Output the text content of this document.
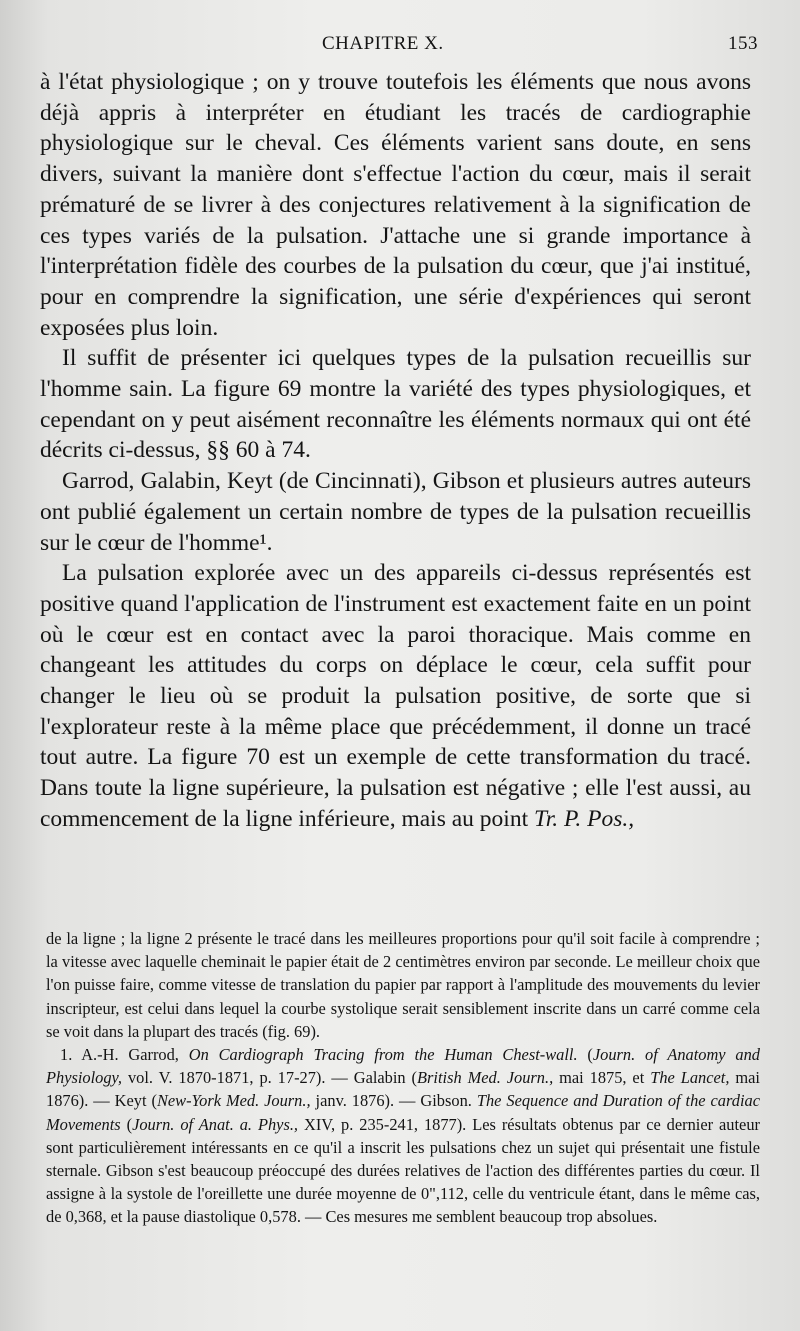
CHAPITRE X.	153

à l'état physiologique ; on y trouve toutefois les éléments que nous avons déjà appris à interpréter en étudiant les tracés de cardiographie physiologique sur le cheval. Ces éléments varient sans doute, en sens divers, suivant la manière dont s'effectue l'action du cœur, mais il serait prématuré de se livrer à des conjectures relativement à la signification de ces types variés de la pulsation. J'attache une si grande importance à l'interprétation fidèle des courbes de la pulsation du cœur, que j'ai institué, pour en comprendre la signification, une série d'expériences qui seront exposées plus loin.

Il suffit de présenter ici quelques types de la pulsation recueillis sur l'homme sain. La figure 69 montre la variété des types physiologiques, et cependant on y peut aisément reconnaître les éléments normaux qui ont été décrits ci-dessus, §§ 60 à 74.

Garrod, Galabin, Keyt (de Cincinnati), Gibson et plusieurs autres auteurs ont publié également un certain nombre de types de la pulsation recueillis sur le cœur de l'homme¹.

La pulsation explorée avec un des appareils ci-dessus représentés est positive quand l'application de l'instrument est exactement faite en un point où le cœur est en contact avec la paroi thoracique. Mais comme en changeant les attitudes du corps on déplace le cœur, cela suffit pour changer le lieu où se produit la pulsation positive, de sorte que si l'explorateur reste à la même place que précédemment, il donne un tracé tout autre. La figure 70 est un exemple de cette transformation du tracé. Dans toute la ligne supérieure, la pulsation est négative ; elle l'est aussi, au commencement de la ligne inférieure, mais au point Tr. P. Pos.,

de la ligne ; la ligne 2 présente le tracé dans les meilleures proportions pour qu'il soit facile à comprendre ; la vitesse avec laquelle cheminait le papier était de 2 centimètres environ par seconde. Le meilleur choix que l'on puisse faire, comme vitesse de translation du papier par rapport à l'amplitude des mouvements du levier inscripteur, est celui dans lequel la courbe systolique serait sensiblement inscrite dans un carré comme cela se voit dans la plupart des tracés (fig. 69).

1. A.-H. Garrod, On Cardiograph Tracing from the Human Chest-wall. (Journ. of Anatomy and Physiology, vol. V. 1870-1871, p. 17-27). — Galabin (British Med. Journ., mai 1875, et The Lancet, mai 1876). — Keyt (New-York Med. Journ., janv. 1876). — Gibson. The Sequence and Duration of the cardiac Movements (Journ. of Anat. a. Phys., XIV, p. 235-241, 1877). Les résultats obtenus par ce dernier auteur sont particulièrement intéressants en ce qu'il a inscrit les pulsations chez un sujet qui présentait une fistule sternale. Gibson s'est beaucoup préoccupé des durées relatives de l'action des différentes parties du cœur. Il assigne à la systole de l'oreillette une durée moyenne de 0",112, celle du ventricule étant, dans le même cas, de 0,368, et la pause diastolique 0,578. — Ces mesures me semblent beaucoup trop absolues.
